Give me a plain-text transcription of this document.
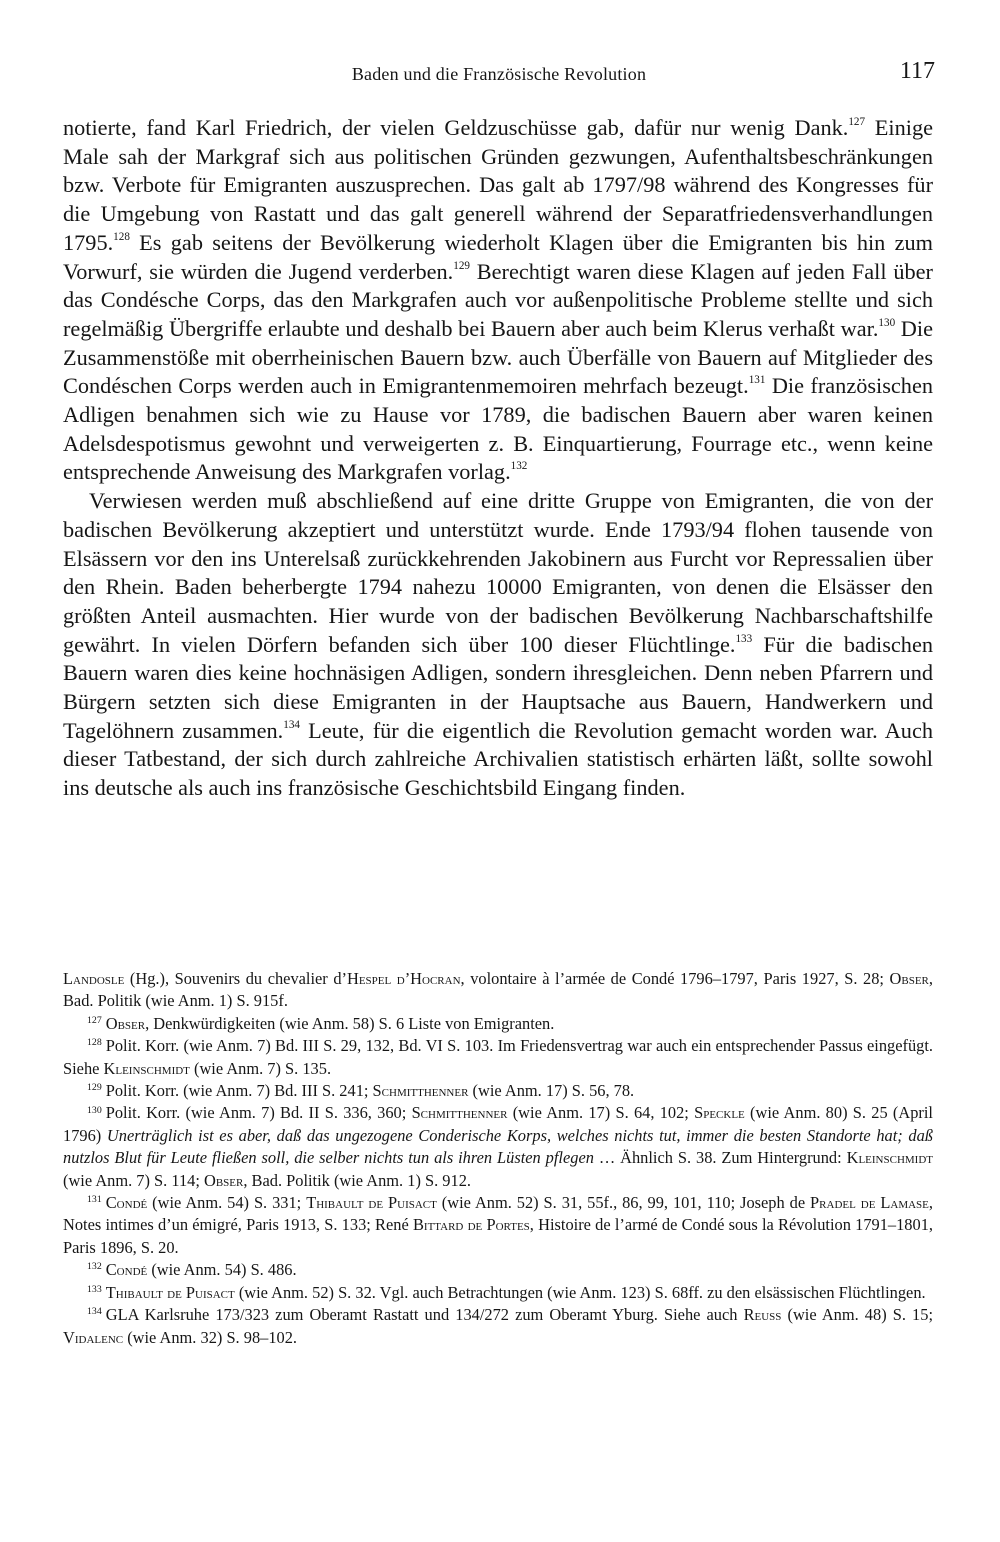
Baden und die Französische Revolution	117

notierte, fand Karl Friedrich, der vielen Geldzuschüsse gab, dafür nur wenig Dank.$^{127}$ Einige Male sah der Markgraf sich aus politischen Gründen gezwungen, Aufenthaltsbeschränkungen bzw. Verbote für Emigranten auszusprechen. Das galt ab 1797/98 während des Kongresses für die Umgebung von Rastatt und das galt generell während der Separatfriedensverhandlungen 1795.$^{128}$ Es gab seitens der Bevölkerung wiederholt Klagen über die Emigranten bis hin zum Vorwurf, sie würden die Jugend verderben.$^{129}$ Berechtigt waren diese Klagen auf jeden Fall über das Condésche Corps, das den Markgrafen auch vor außenpolitische Probleme stellte und sich regelmäßig Übergriffe erlaubte und deshalb bei Bauern aber auch beim Klerus verhaßt war.$^{130}$ Die Zusammenstöße mit oberrheinischen Bauern bzw. auch Überfälle von Bauern auf Mitglieder des Condéschen Corps werden auch in Emigrantenmemoiren mehrfach bezeugt.$^{131}$ Die französischen Adligen benahmen sich wie zu Hause vor 1789, die badischen Bauern aber waren keinen Adelsdespotismus gewohnt und verweigerten z. B. Einquartierung, Fourrage etc., wenn keine entsprechende Anweisung des Markgrafen vorlag.$^{132}$

Verwiesen werden muß abschließend auf eine dritte Gruppe von Emigranten, die von der badischen Bevölkerung akzeptiert und unterstützt wurde. Ende 1793/94 flohen tausende von Elsässern vor den ins Unterelsaß zurückkehrenden Jakobinern aus Furcht vor Repressalien über den Rhein. Baden beherbergte 1794 nahezu 10000 Emigranten, von denen die Elsässer den größten Anteil ausmachten. Hier wurde von der badischen Bevölkerung Nachbarschaftshilfe gewährt. In vielen Dörfern befanden sich über 100 dieser Flüchtlinge.$^{133}$ Für die badischen Bauern waren dies keine hochnäsigen Adligen, sondern ihresgleichen. Denn neben Pfarrern und Bürgern setzten sich diese Emigranten in der Hauptsache aus Bauern, Handwerkern und Tagelöhnern zusammen.$^{134}$ Leute, für die eigentlich die Revolution gemacht worden war. Auch dieser Tatbestand, der sich durch zahlreiche Archivalien statistisch erhärten läßt, sollte sowohl ins deutsche als auch ins französische Geschichtsbild Eingang finden.

Landosle (Hg.), Souvenirs du chevalier d’Hespel d’Hocran, volontaire à l’armée de Condé 1796–1797, Paris 1927, S. 28; Obser, Bad. Politik (wie Anm. 1) S. 915f.

$^{127}$ Obser, Denkwürdigkeiten (wie Anm. 58) S. 6 Liste von Emigranten.

$^{128}$ Polit. Korr. (wie Anm. 7) Bd. III S. 29, 132, Bd. VI S. 103. Im Friedensvertrag war auch ein entsprechender Passus eingefügt. Siehe Kleinschmidt (wie Anm. 7) S. 135.

$^{129}$ Polit. Korr. (wie Anm. 7) Bd. III S. 241; Schmitthenner (wie Anm. 17) S. 56, 78.

$^{130}$ Polit. Korr. (wie Anm. 7) Bd. II S. 336, 360; Schmitthenner (wie Anm. 17) S. 64, 102; Speckle (wie Anm. 80) S. 25 (April 1796) Unerträglich ist es aber, daß das ungezogene Conderische Korps, welches nichts tut, immer die besten Standorte hat; daß nutzlos Blut für Leute fließen soll, die selber nichts tun als ihren Lüsten pflegen … Ähnlich S. 38. Zum Hintergrund: Kleinschmidt (wie Anm. 7) S. 114; Obser, Bad. Politik (wie Anm. 1) S. 912.

$^{131}$ Condé (wie Anm. 54) S. 331; Thibault de Puisact (wie Anm. 52) S. 31, 55f., 86, 99, 101, 110; Joseph de Pradel de Lamase, Notes intimes d’un émigré, Paris 1913, S. 133; René Bittard de Portes, Histoire de l’armé de Condé sous la Révolution 1791–1801, Paris 1896, S. 20.

$^{132}$ Condé (wie Anm. 54) S. 486.

$^{133}$ Thibault de Puisact (wie Anm. 52) S. 32. Vgl. auch Betrachtungen (wie Anm. 123) S. 68ff. zu den elsässischen Flüchtlingen.

$^{134}$ GLA Karlsruhe 173/323 zum Oberamt Rastatt und 134/272 zum Oberamt Yburg. Siehe auch Reuss (wie Anm. 48) S. 15; Vidalenc (wie Anm. 32) S. 98–102.
